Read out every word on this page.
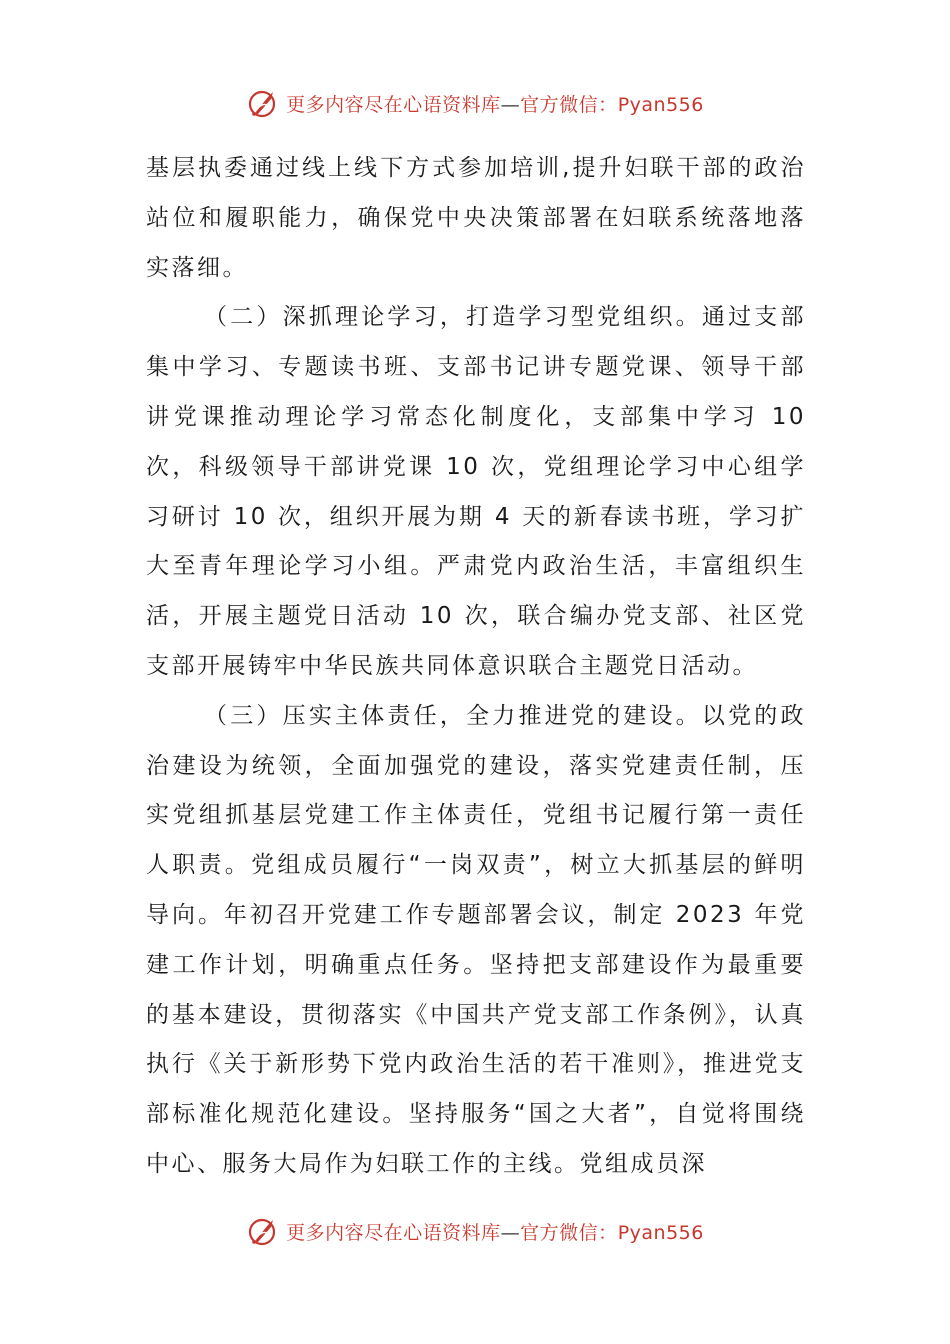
更多内容尽在心语资料库—官方微信：Pyan556

基层执委通过线上线下方式参加培训,提升妇联干部的政治站位和履职能力，确保党中央决策部署在妇联系统落地落实落细。

（二）深抓理论学习，打造学习型党组织。通过支部集中学习、专题读书班、支部书记讲专题党课、领导干部讲党课推动理论学习常态化制度化，支部集中学习 10 次，科级领导干部讲党课 10 次，党组理论学习中心组学习研讨 10 次，组织开展为期 4 天的新春读书班，学习扩大至青年理论学习小组。严肃党内政治生活，丰富组织生活，开展主题党日活动 10 次，联合编办党支部、社区党支部开展铸牢中华民族共同体意识联合主题党日活动。

（三）压实主体责任，全力推进党的建设。以党的政治建设为统领，全面加强党的建设，落实党建责任制，压实党组抓基层党建工作主体责任，党组书记履行第一责任人职责。党组成员履行“一岗双责”，树立大抓基层的鲜明导向。年初召开党建工作专题部署会议，制定 2023 年党建工作计划，明确重点任务。坚持把支部建设作为最重要的基本建设，贯彻落实《中国共产党支部工作条例》，认真执行《关于新形势下党内政治生活的若干准则》，推进党支部标准化规范化建设。坚持服务“国之大者”，自觉将围绕中心、服务大局作为妇联工作的主线。党组成员深

更多内容尽在心语资料库—官方微信：Pyan556
